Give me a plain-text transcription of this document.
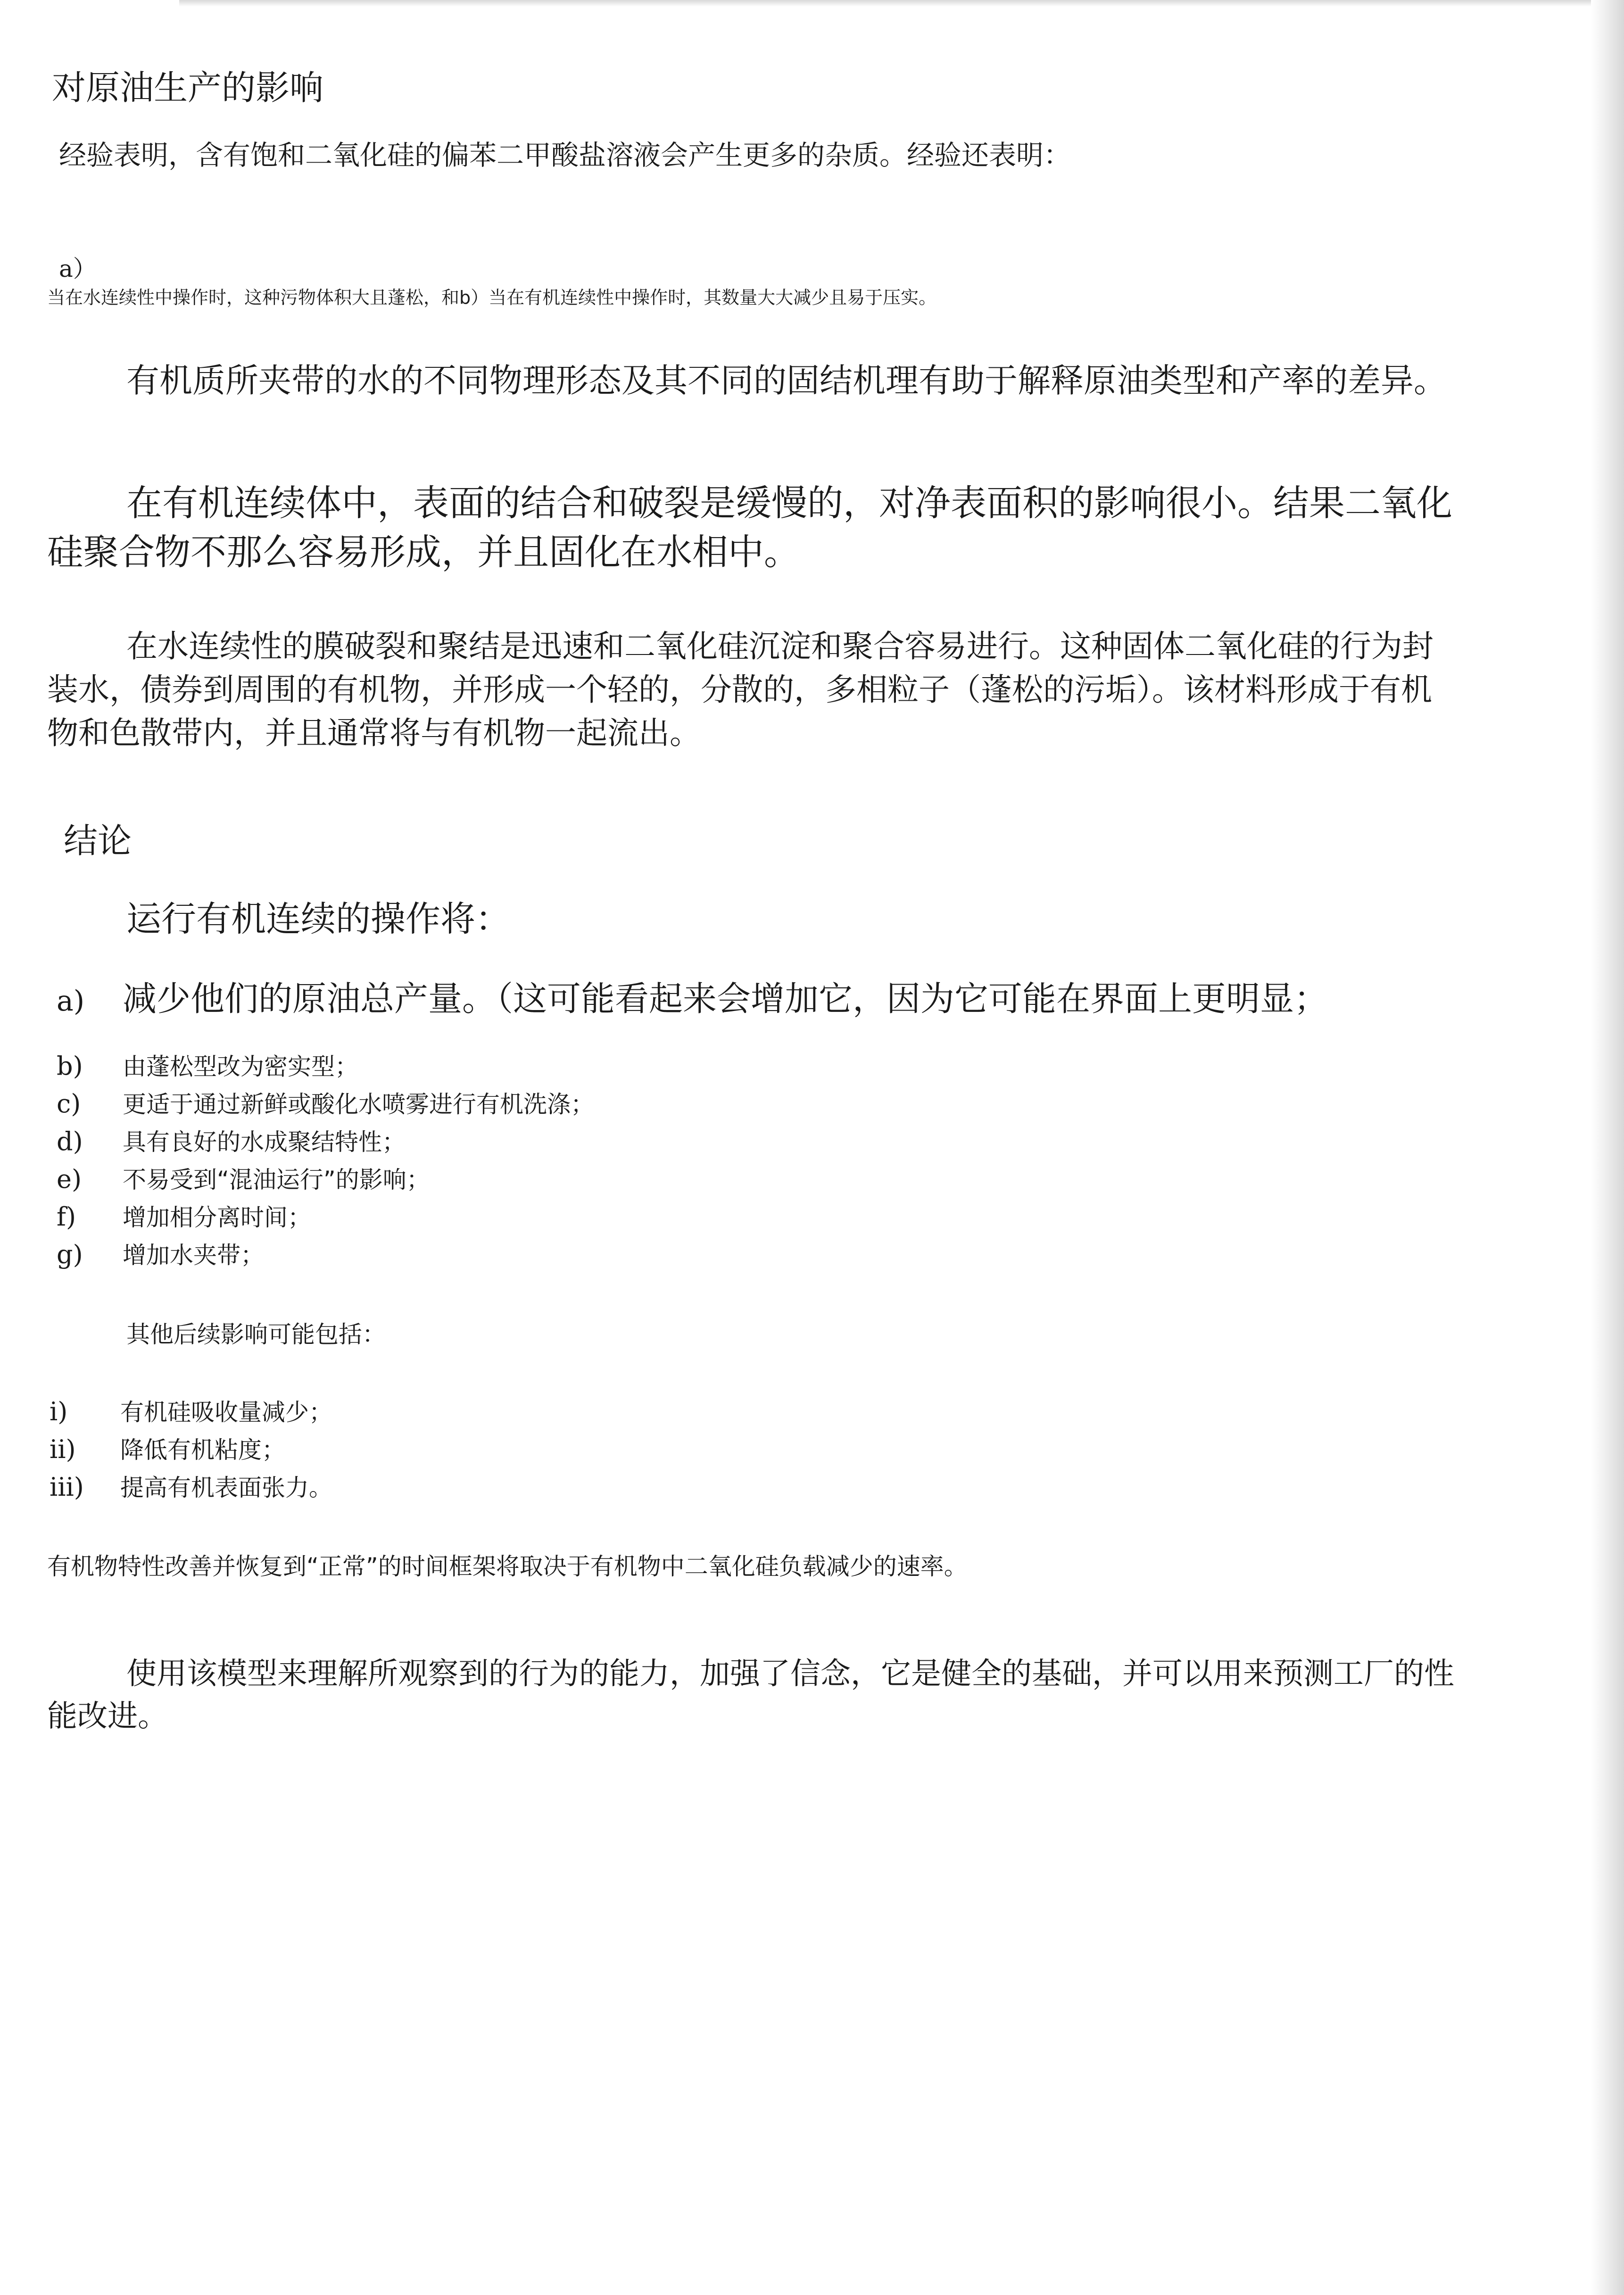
对原油生产的影响

经验表明，含有饱和二氧化硅的偏苯二甲酸盐溶液会产生更多的杂质。经验还表明：

a）

当在水连续性中操作时，这种污物体积大且蓬松，和b）当在有机连续性中操作时，其数量大大减少且易于压实。

有机质所夹带的水的不同物理形态及其不同的固结机理有助于解释原油类型和产率的差异。

在有机连续体中，表面的结合和破裂是缓慢的，对净表面积的影响很小。结果二氧化硅聚合物不那么容易形成，并且固化在水相中。

在水连续性的膜破裂和聚结是迅速和二氧化硅沉淀和聚合容易进行。这种固体二氧化硅的行为封装水，债券到周围的有机物，并形成一个轻的，分散的，多相粒子（蓬松的污垢）。该材料形成于有机物和色散带内，并且通常将与有机物一起流出。

结论

运行有机连续的操作将：

a) 减少他们的原油总产量。（这可能看起来会增加它，因为它可能在界面上更明显；

b) 由蓬松型改为密实型；

c) 更适于通过新鲜或酸化水喷雾进行有机洗涤；

d) 具有良好的水成聚结特性；

e) 不易受到“混油运行”的影响；

f) 增加相分离时间；

g) 增加水夹带；

其他后续影响可能包括：

i) 有机硅吸收量减少；

ii) 降低有机粘度；

iii) 提高有机表面张力。

有机物特性改善并恢复到“正常”的时间框架将取决于有机物中二氧化硅负载减少的速率。

使用该模型来理解所观察到的行为的能力，加强了信念，它是健全的基础，并可以用来预测工厂的性能改进。
